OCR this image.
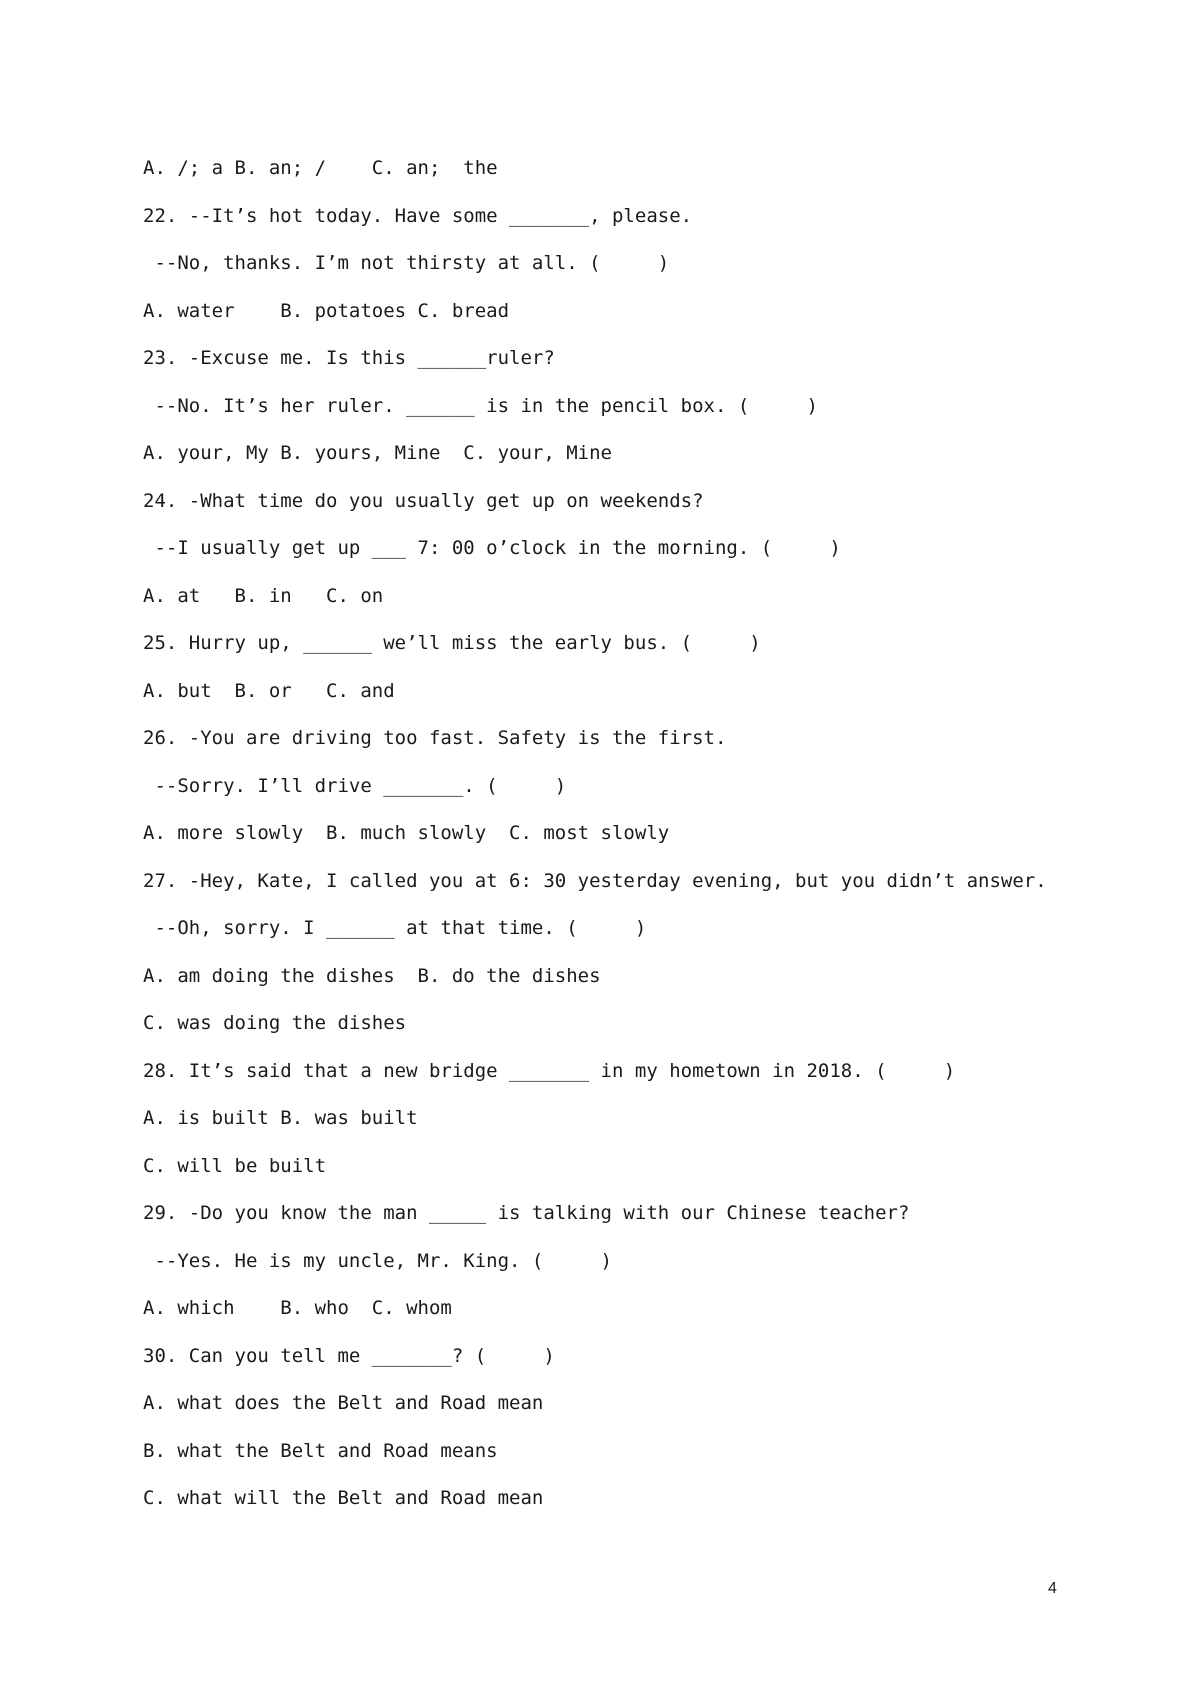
A. /; a B. an; /    C. an;  the
22. --It’s hot today. Have some _______, please.
--No, thanks. I’m not thirsty at all. (     )
A. water    B. potatoes C. bread
23. -Excuse me. Is this ______ruler?
--No. It’s her ruler. ______ is in the pencil box. (     )
A. your, My B. yours, Mine  C. your, Mine
24. -What time do you usually get up on weekends?
--I usually get up ___ 7: 00 o’clock in the morning. (     )
A. at   B. in   C. on
25. Hurry up, ______ we’ll miss the early bus. (     )
A. but  B. or   C. and
26. -You are driving too fast. Safety is the first.
--Sorry. I’ll drive _______. (     )
A. more slowly  B. much slowly  C. most slowly
27. -Hey, Kate, I called you at 6: 30 yesterday evening, but you didn’t answer.
--Oh, sorry. I ______ at that time. (     )
A. am doing the dishes  B. do the dishes
C. was doing the dishes
28. It’s said that a new bridge _______ in my hometown in 2018. (     )
A. is built B. was built
C. will be built
29. -Do you know the man _____ is talking with our Chinese teacher?
--Yes. He is my uncle, Mr. King. (     )
A. which    B. who  C. whom
30. Can you tell me _______? (     )
A. what does the Belt and Road mean
B. what the Belt and Road means
C. what will the Belt and Road mean
4
